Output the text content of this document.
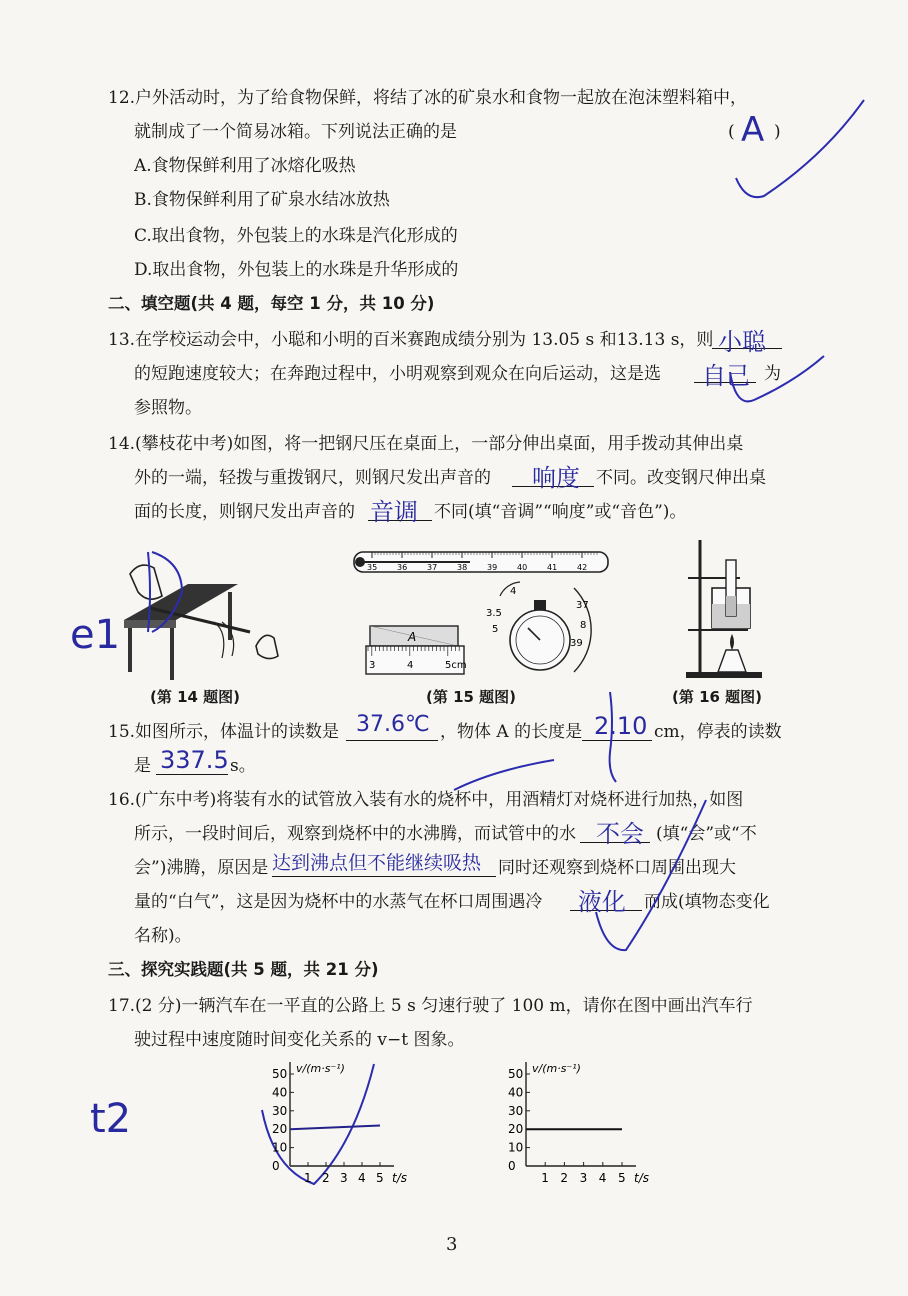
12.户外活动时，为了给食物保鲜，将结了冰的矿泉水和食物一起放在泡沫塑料箱中，
就制成了一个简易冰箱。下列说法正确的是	( )
A
A.食物保鲜利用了冰熔化吸热
B.食物保鲜利用了矿泉水结冰放热
C.取出食物，外包装上的水珠是汽化形成的
D.取出食物，外包装上的水珠是升华形成的
二、填空题(共 4 题，每空 1 分，共 10 分)
13.在学校运动会中，小聪和小明的百米赛跑成绩分别为 13.05 s 和13.13 s，则 小聪
的短跑速度较大；在奔跑过程中，小明观察到观众在向后运动，这是选 自己 为
参照物。
14.(攀枝花中考)如图，将一把钢尺压在桌面上，一部分伸出桌面，用手拨动其伸出桌
外的一端，轻拨与重拨钢尺，则钢尺发出声音的 响度 不同。改变钢尺伸出桌
面的长度，则钢尺发出声音的 音调 不同(填“音调”“响度”或“音色”)。
(第 14 题图)	(第 15 题图)	(第 16 题图)
15.如图所示，体温计的读数是 37.6℃ ，物体 A 的长度是 2.10 cm，停表的读数
是 337.5 s。
16.(广东中考)将装有水的试管放入装有水的烧杯中，用酒精灯对烧杯进行加热，如图
所示，一段时间后，观察到烧杯中的水沸腾，而试管中的水 不会 (填“会”或“不
会”)沸腾，原因是 达到沸点但不能继续吸热 同时还观察到烧杯口周围出现大
量的“白气”，这是因为烧杯中的水蒸气在杯口周围遇冷 液化 而成(填物态变化
名称)。
三、探究实践题(共 5 题，共 21 分)
17.(2 分)一辆汽车在一平直的公路上 5 s 匀速行驶了 100 m，请你在图中画出汽车行
驶过程中速度随时间变化关系的 v−t 图象。
e1
t2
35 36 37 38 39 40 41 42
3	4	5cm
A
4
3.5
5
37
8
39
0
10
20
30
40
50
1 2 3 4 5
v/(m·s⁻¹)
t/s
0
10
20
30
40
50
1 2 3 4 5
v/(m·s⁻¹)
t/s
3
